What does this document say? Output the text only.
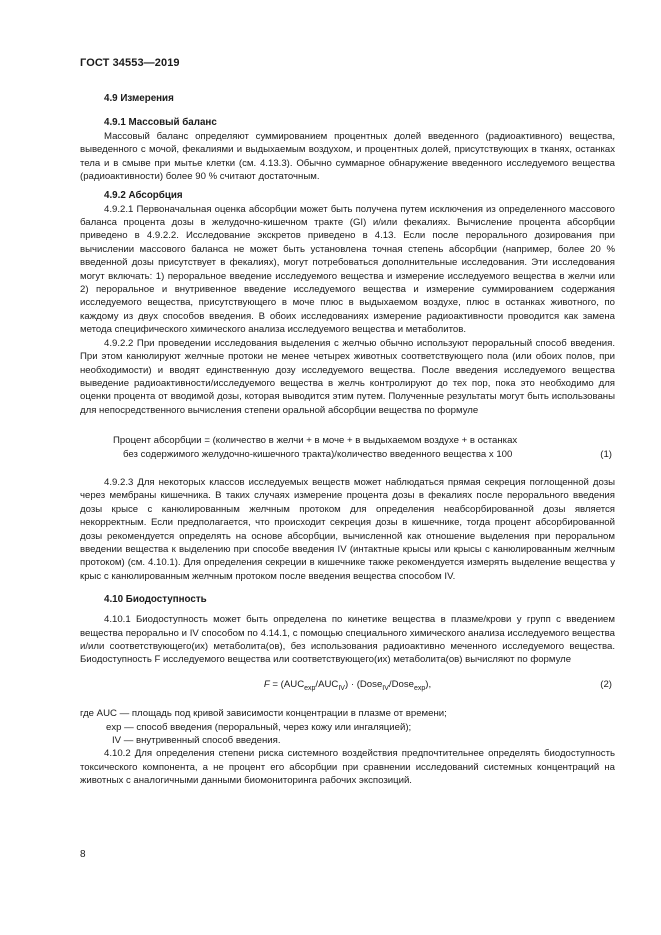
ГОСТ 34553—2019
4.9 Измерения
4.9.1 Массовый баланс

Массовый баланс определяют суммированием процентных долей введенного (радиоактивного) вещества, выведенного с мочой, фекалиями и выдыхаемым воздухом, и процентных долей, присутствующих в тканях, останках тела и в смыве при мытье клетки (см. 4.13.3). Обычно суммарное обнаружение введенного исследуемого вещества (радиоактивности) более 90 % считают достаточным.

4.9.2 Абсорбция

4.9.2.1 Первоначальная оценка абсорбции может быть получена путем исключения из определенного массового баланса процента дозы в желудочно-кишечном тракте (GI) и/или фекалиях. Вычисление процента абсорбции приведено в 4.9.2.2. Исследование экскретов приведено в 4.13. Если после перорального дозирования при вычислении массового баланса не может быть установлена точная степень абсорбции (например, более 20 % введенной дозы присутствует в фекалиях), могут потребоваться дополнительные исследования. Эти исследования могут включать: 1) пероральное введение исследуемого вещества и измерение исследуемого вещества в желчи или 2) пероральное и внутривенное введение исследуемого вещества и измерение суммированием содержания исследуемого вещества, присутствующего в моче плюс в выдыхаемом воздухе, плюс в останках животного, по каждому из двух способов введения. В обоих исследованиях измерение радиоактивности проводится как замена метода специфического химического анализа исследуемого вещества и метаболитов.

4.9.2.2 При проведении исследования выделения с желчью обычно используют пероральный способ введения. При этом канюлируют желчные протоки не менее четырех животных соответствующего пола (или обоих полов, при необходимости) и вводят единственную дозу исследуемого вещества. После введения исследуемого вещества выведение радиоактивности/исследуемого вещества в желчь контролируют до тех пор, пока это необходимо для оценки процента от вводимой дозы, которая выводится этим путем. Полученные результаты могут быть использованы для непосредственного вычисления степени оральной абсорбции вещества по формуле

Процент абсорбции = (количество в желчи + в моче + в выдыхаемом воздухе + в останках
без содержимого желудочно-кишечного тракта)/количество введенного вещества x 100	(1)

4.9.2.3 Для некоторых классов исследуемых веществ может наблюдаться прямая секреция поглощенной дозы через мембраны кишечника. В таких случаях измерение процента дозы в фекалиях после перорального введения дозы крысе с канюлированным желчным протоком для определения неабсорбированной дозы является некорректным. Если предполагается, что происходит секреция дозы в кишечнике, тогда процент абсорбированной дозы рекомендуется определять на основе абсорбции, вычисленной как отношение выделения при пероральном введении вещества к выделению при способе введения IV (интактные крысы или крысы с канюлированным желчным протоком) (см. 4.10.1). Для определения секреции в кишечнике также рекомендуется измерять выделение вещества у крыс с канюлированным желчным протоком после введения вещества способом IV.

4.10 Биодоступность

4.10.1 Биодоступность может быть определена по кинетике вещества в плазме/крови у групп с введением вещества перорально и IV способом по 4.14.1, с помощью специального химического анализа исследуемого вещества и/или соответствующего(их) метаболита(ов), без использования радиоактивно меченного исследуемого вещества. Биодоступность F исследуемого вещества или соответствующего(их) метаболита(ов) вычисляют по формуле

$F = (AUC_{exp}/AUC_{IV})$ · (Dose$_{IV}$/Dose$_{exp}$),	(2)
где AUC — площадь под кривой зависимости концентрации в плазме от времени;
exp — способ введения (пероральный, через кожу или ингаляцией);
IV — внутривенный способ введения.

4.10.2 Для определения степени риска системного воздействия предпочтительнее определять биодоступность токсического компонента, а не процент его абсорбции при сравнении исследований системных концентраций на животных с аналогичными данными биомониторинга рабочих экспозиций.

8
